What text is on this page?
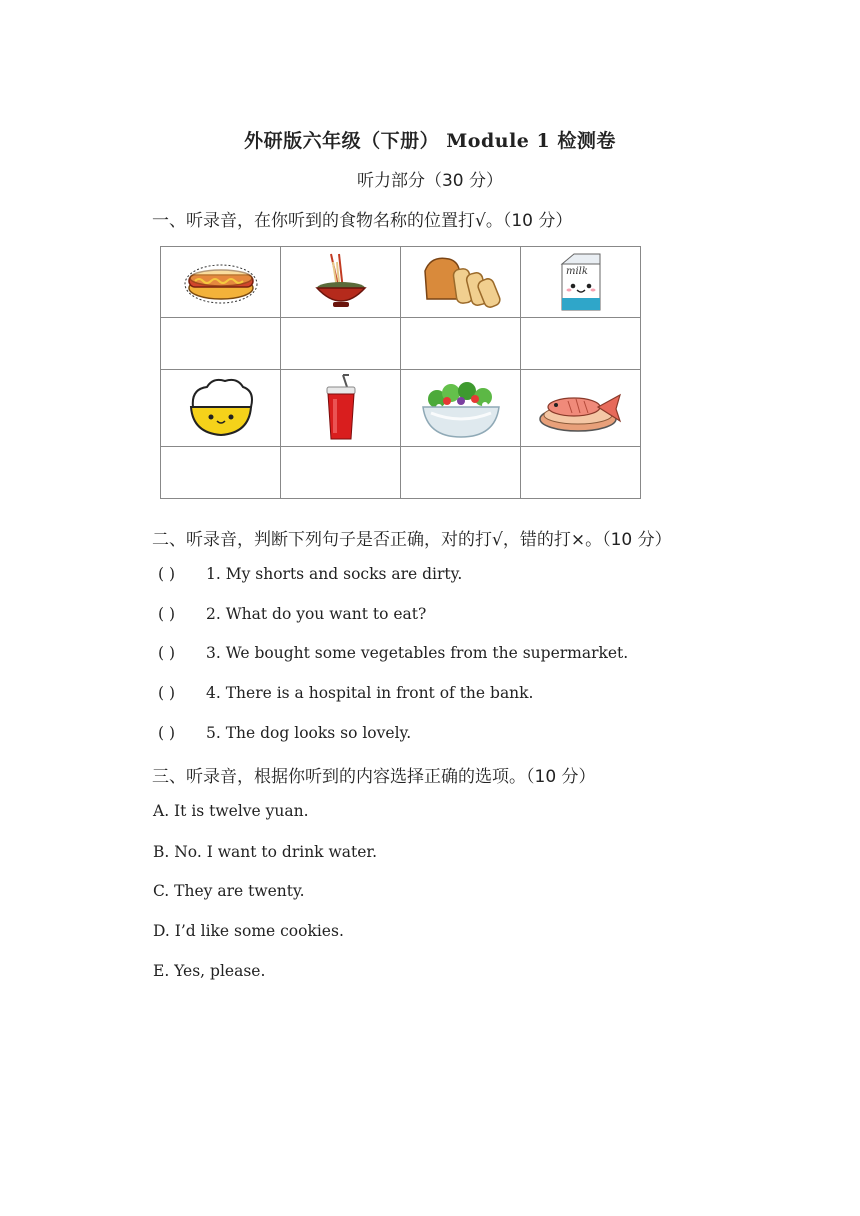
外研版六年级（下册） Module 1 检测卷
听力部分（30 分）
一、听录音，在你听到的食物名称的位置打√。（10 分）

milk

二、听录音，判断下列句子是否正确，对的打√，错的打×。（10 分）
( ) 1. My shorts and socks are dirty.
( ) 2. What do you want to eat?
( ) 3. We bought some vegetables from the supermarket.
( ) 4. There is a hospital in front of the bank.
( ) 5. The dog looks so lovely.
三、听录音，根据你听到的内容选择正确的选项。（10 分）
A. It is twelve yuan.
B. No. I want to drink water.
C. They are twenty.
D. I’d like some cookies.
E. Yes, please.
